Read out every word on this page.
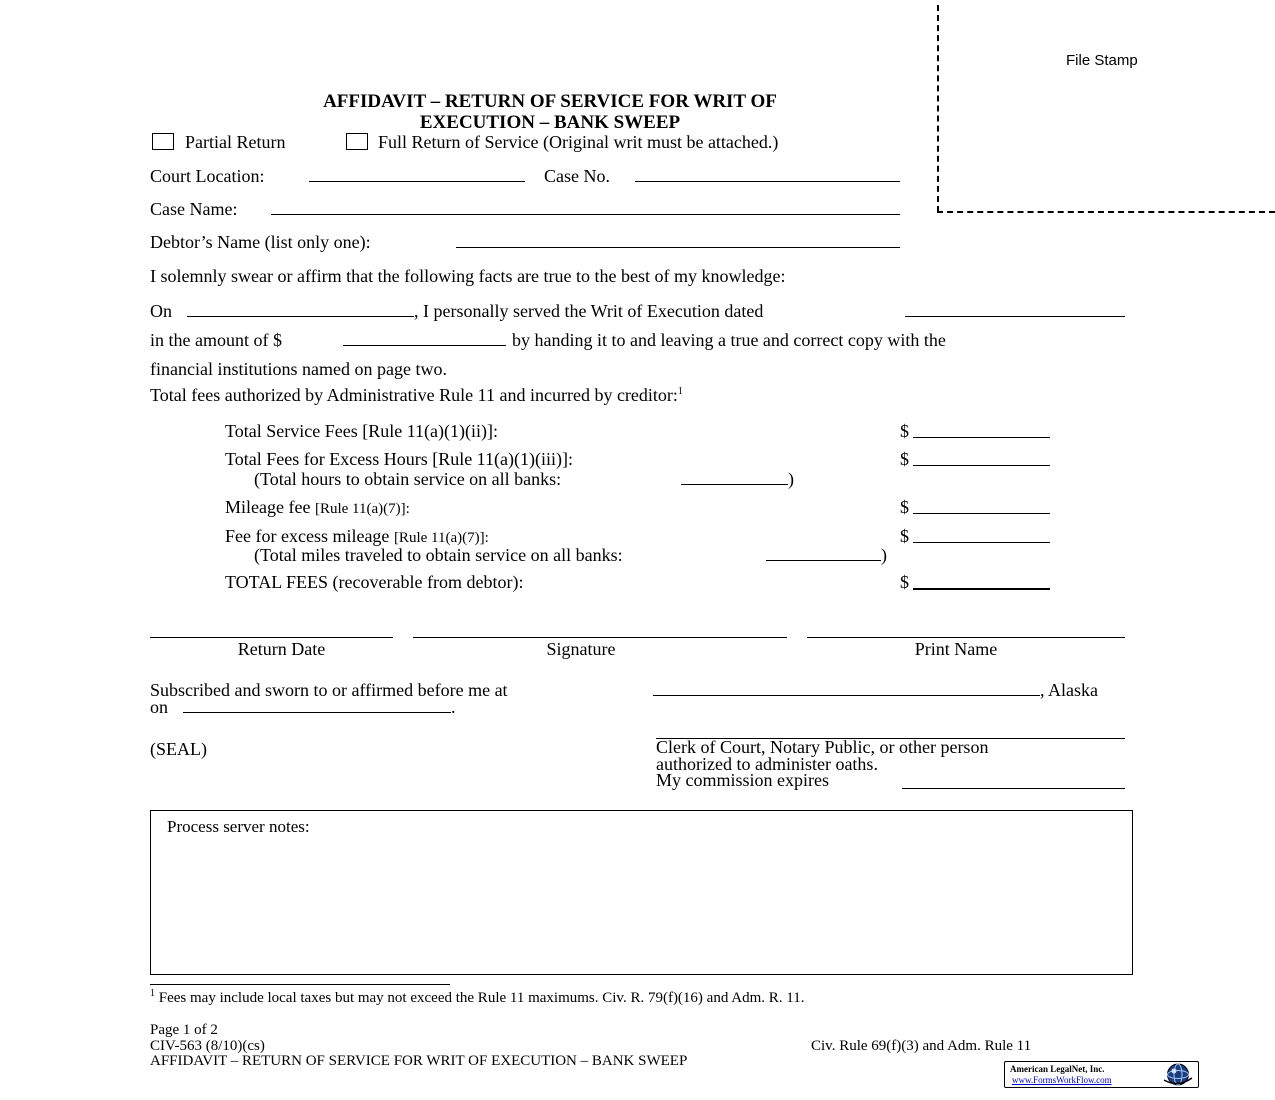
File Stamp
AFFIDAVIT – RETURN OF SERVICE FOR WRIT OF
EXECUTION – BANK SWEEP
Partial Return	Full Return of Service (Original writ must be attached.)
Court Location:	Case No.
Case Name:
Debtor’s Name (list only one):
I solemnly swear or affirm that the following facts are true to the best of my knowledge:
On	, I personally served the Writ of Execution dated
in the amount of $	by handing it to and leaving a true and correct copy with the
financial institutions named on page two.
Total fees authorized by Administrative Rule 11 and incurred by creditor:$^1$
Total Service Fees [Rule 11(a)(1)(ii)]:	$
Total Fees for Excess Hours [Rule 11(a)(1)(iii)]:	$
(Total hours to obtain service on all banks:	)
Mileage fee [Rule 11(a)(7)]:	$
Fee for excess mileage [Rule 11(a)(7)]:	$
(Total miles traveled to obtain service on all banks:	)
TOTAL FEES (recoverable from debtor):	$
Return Date	Signature	Print Name
Subscribed and sworn to or affirmed before me at	, Alaska
on	.
(SEAL)	Clerk of Court, Notary Public, or other person
authorized to administer oaths.
My commission expires
Process server notes:
$^1$ Fees may include local taxes but may not exceed the Rule 11 maximums. Civ. R. 79(f)(16) and Adm. R. 11.
Page 1 of 2
CIV-563 (8/10)(cs)	Civ. Rule 69(f)(3) and Adm. Rule 11
AFFIDAVIT – RETURN OF SERVICE FOR WRIT OF EXECUTION – BANK SWEEP	American LegalNet, Inc.
www.FormsWorkFlow.com
